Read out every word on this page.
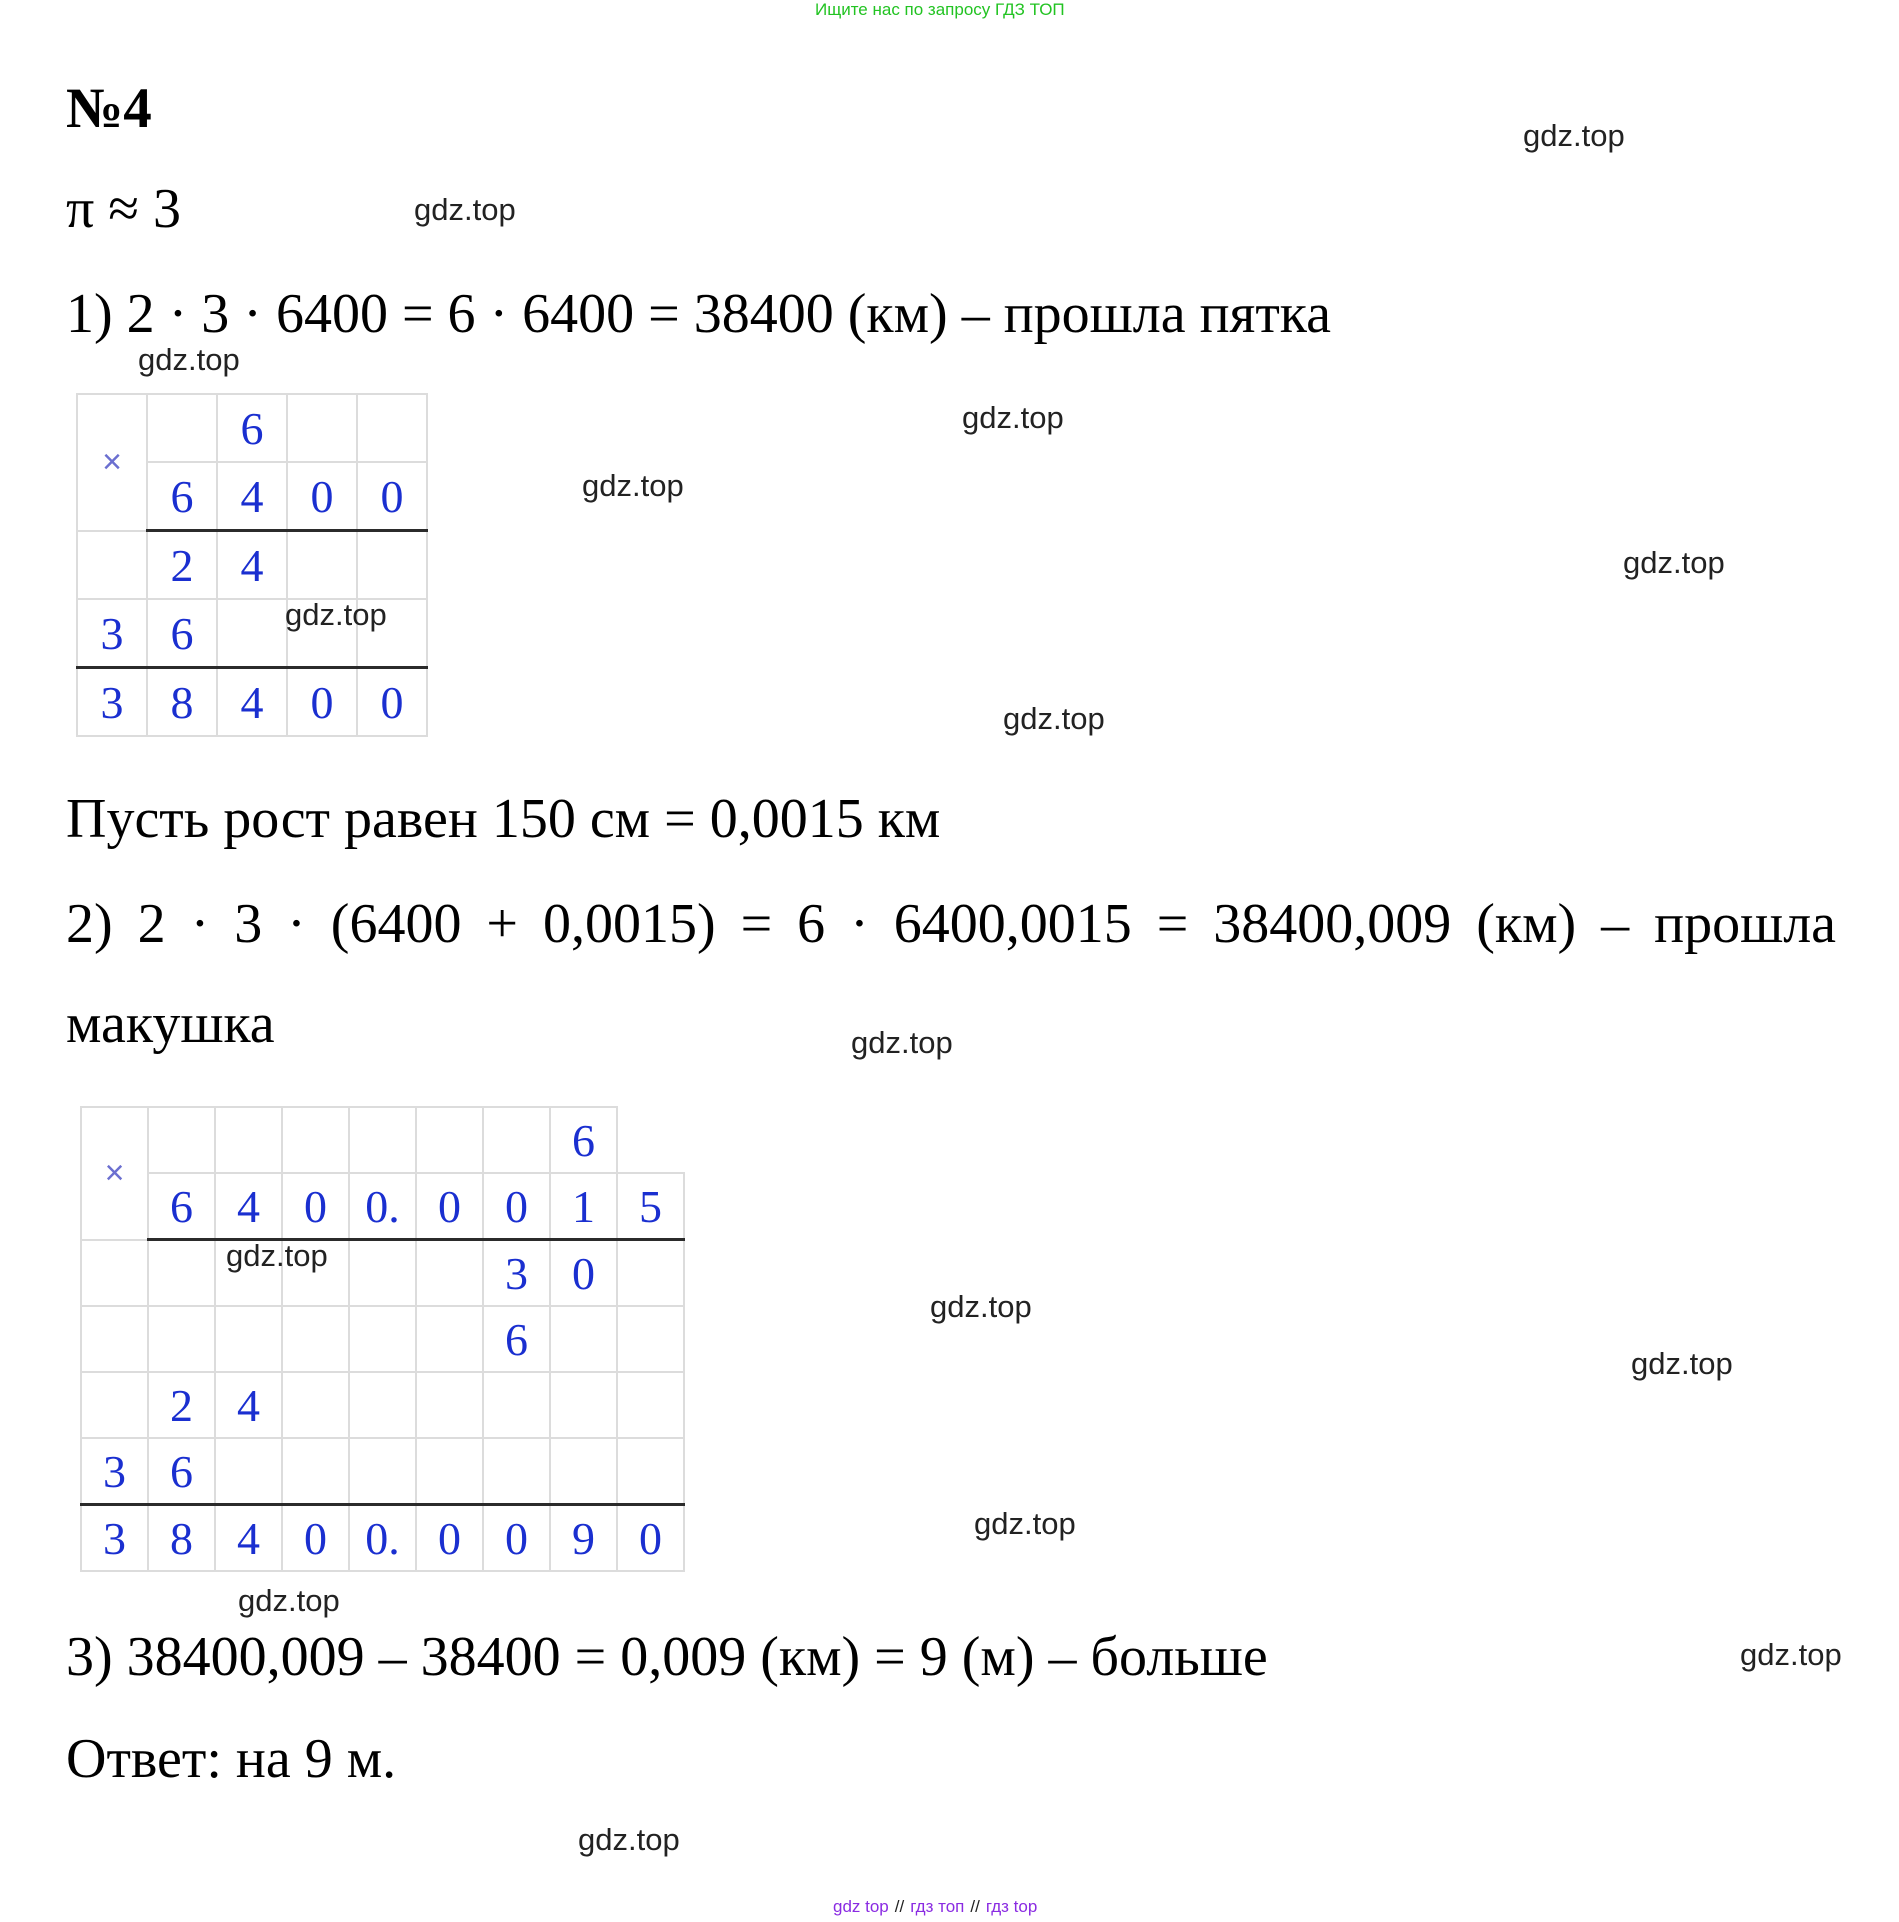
Ищите нас по запросу ГДЗ ТОП
№4
π ≈ 3
1) 2 · 3 · 6400 = 6 · 6400 = 38400 (км) – прошла пятка
×		6		
	6	4	0	0
	2	4		
3	6			
3	8	4	0	0
Пусть рост равен 150 см = 0,0015 км
2) 2 · 3 · (6400 + 0,0015) = 6 · 6400,0015 = 38400,009 (км) – прошла
макушка
×							6	
	6	4	0	0.	0	0	1	5
						3	0	
						6		
	2	4						
3	6							
3	8	4	0	0.	0	0	9	0
3) 38400,009 – 38400 = 0,009 (км) = 9 (м) – больше
Ответ: на 9 м.
gdz.top
gdz.top
gdz.top
gdz.top
gdz.top
gdz.top
gdz.top
gdz.top
gdz.top
gdz.top
gdz.top
gdz.top
gdz.top
gdz.top
gdz.top
gdz.top
gdz top // гдз топ // гдз top
